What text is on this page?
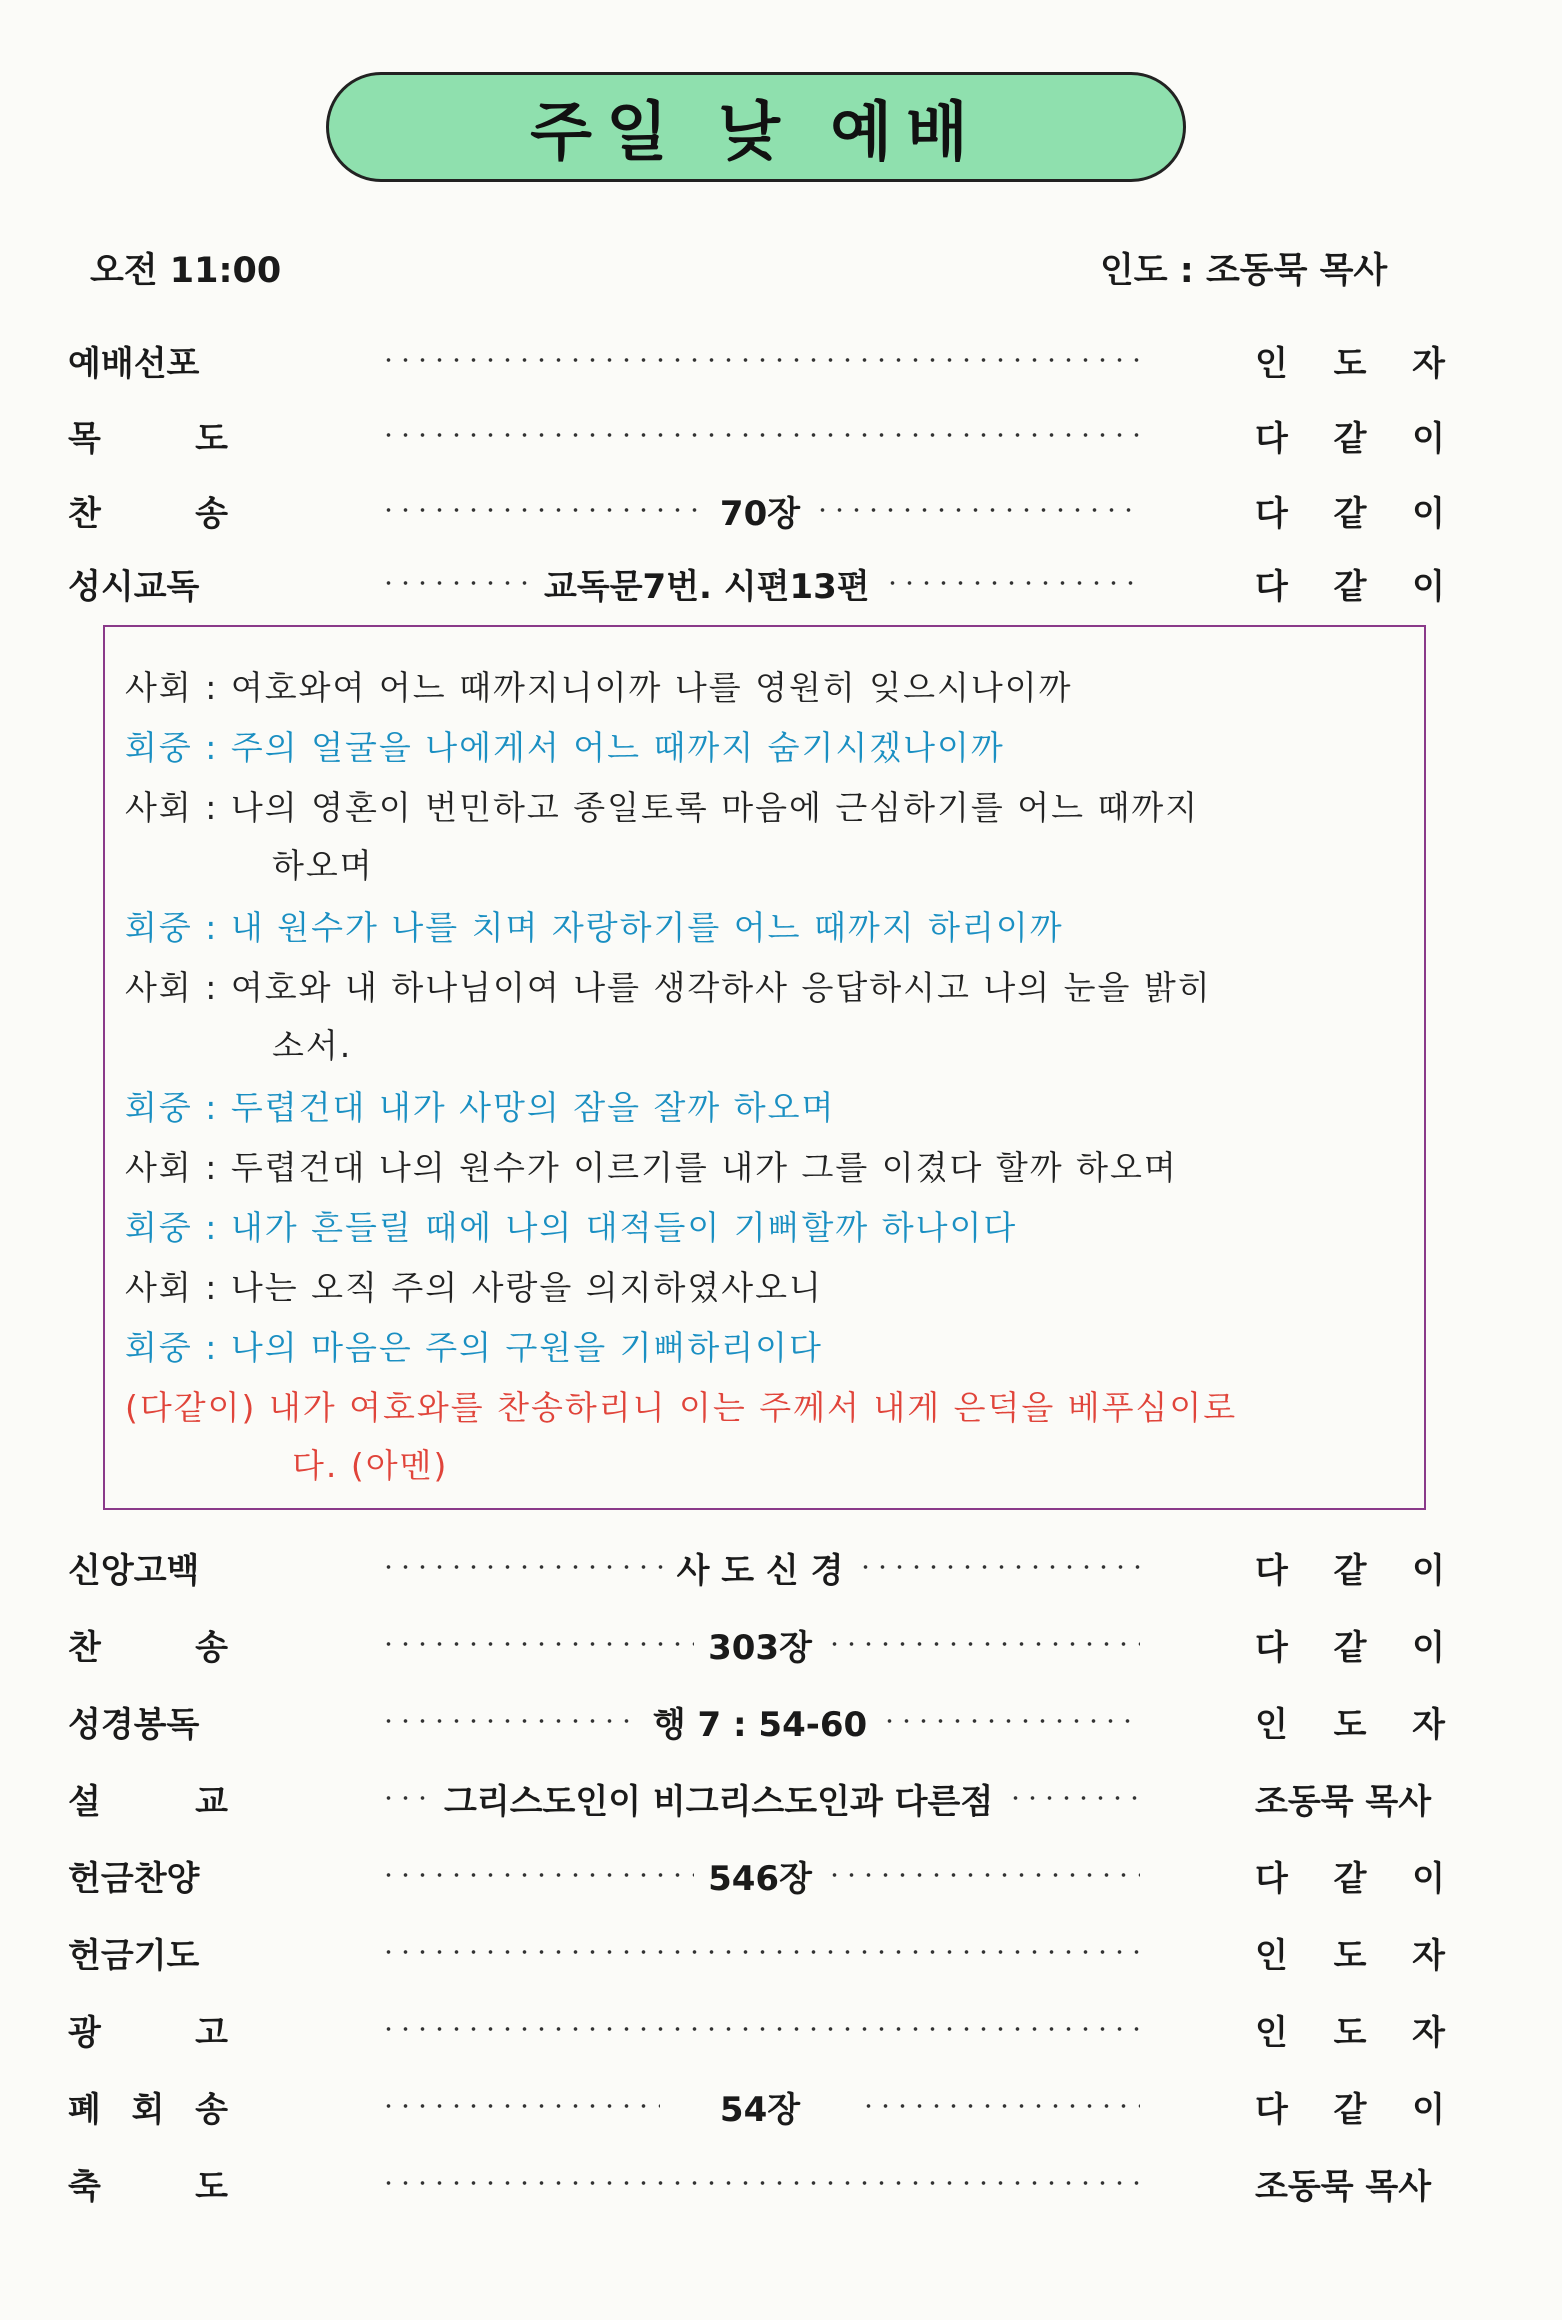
주일 낮 예배
오전 11:00	인도 : 조동묵 목사
예배선포	인 도 자
목	도	다 같 이
찬	송	70장	다 같 이
성시교독	교독문7번. 시편13편	다 같 이
사회 : 여호와여 어느 때까지니이까 나를 영원히 잊으시나이까
회중 : 주의 얼굴을 나에게서 어느 때까지 숨기시겠나이까
사회 : 나의 영혼이 번민하고 종일토록 마음에 근심하기를 어느 때까지
하오며
회중 : 내 원수가 나를 치며 자랑하기를 어느 때까지 하리이까
사회 : 여호와 내 하나님이여 나를 생각하사 응답하시고 나의 눈을 밝히
소서.
회중 : 두렵건대 내가 사망의 잠을 잘까 하오며
사회 : 두렵건대 나의 원수가 이르기를 내가 그를 이겼다 할까 하오며
회중 : 내가 흔들릴 때에 나의 대적들이 기뻐할까 하나이다
사회 : 나는 오직 주의 사랑을 의지하였사오니
회중 : 나의 마음은 주의 구원을 기뻐하리이다
(다같이) 내가 여호와를 찬송하리니 이는 주께서 내게 은덕을 베푸심이로
다. (아멘)
신앙고백	사 도 신 경	다 같 이
찬	송	303장	다 같 이
성경봉독	행 7 : 54-60	인 도 자
설	교	그리스도인이 비그리스도인과 다른점	조동묵 목사
헌금찬양	546장	다 같 이
헌금기도	인 도 자
광	고	인 도 자
폐 회 송	54장	다 같 이
축	도	조동묵 목사
